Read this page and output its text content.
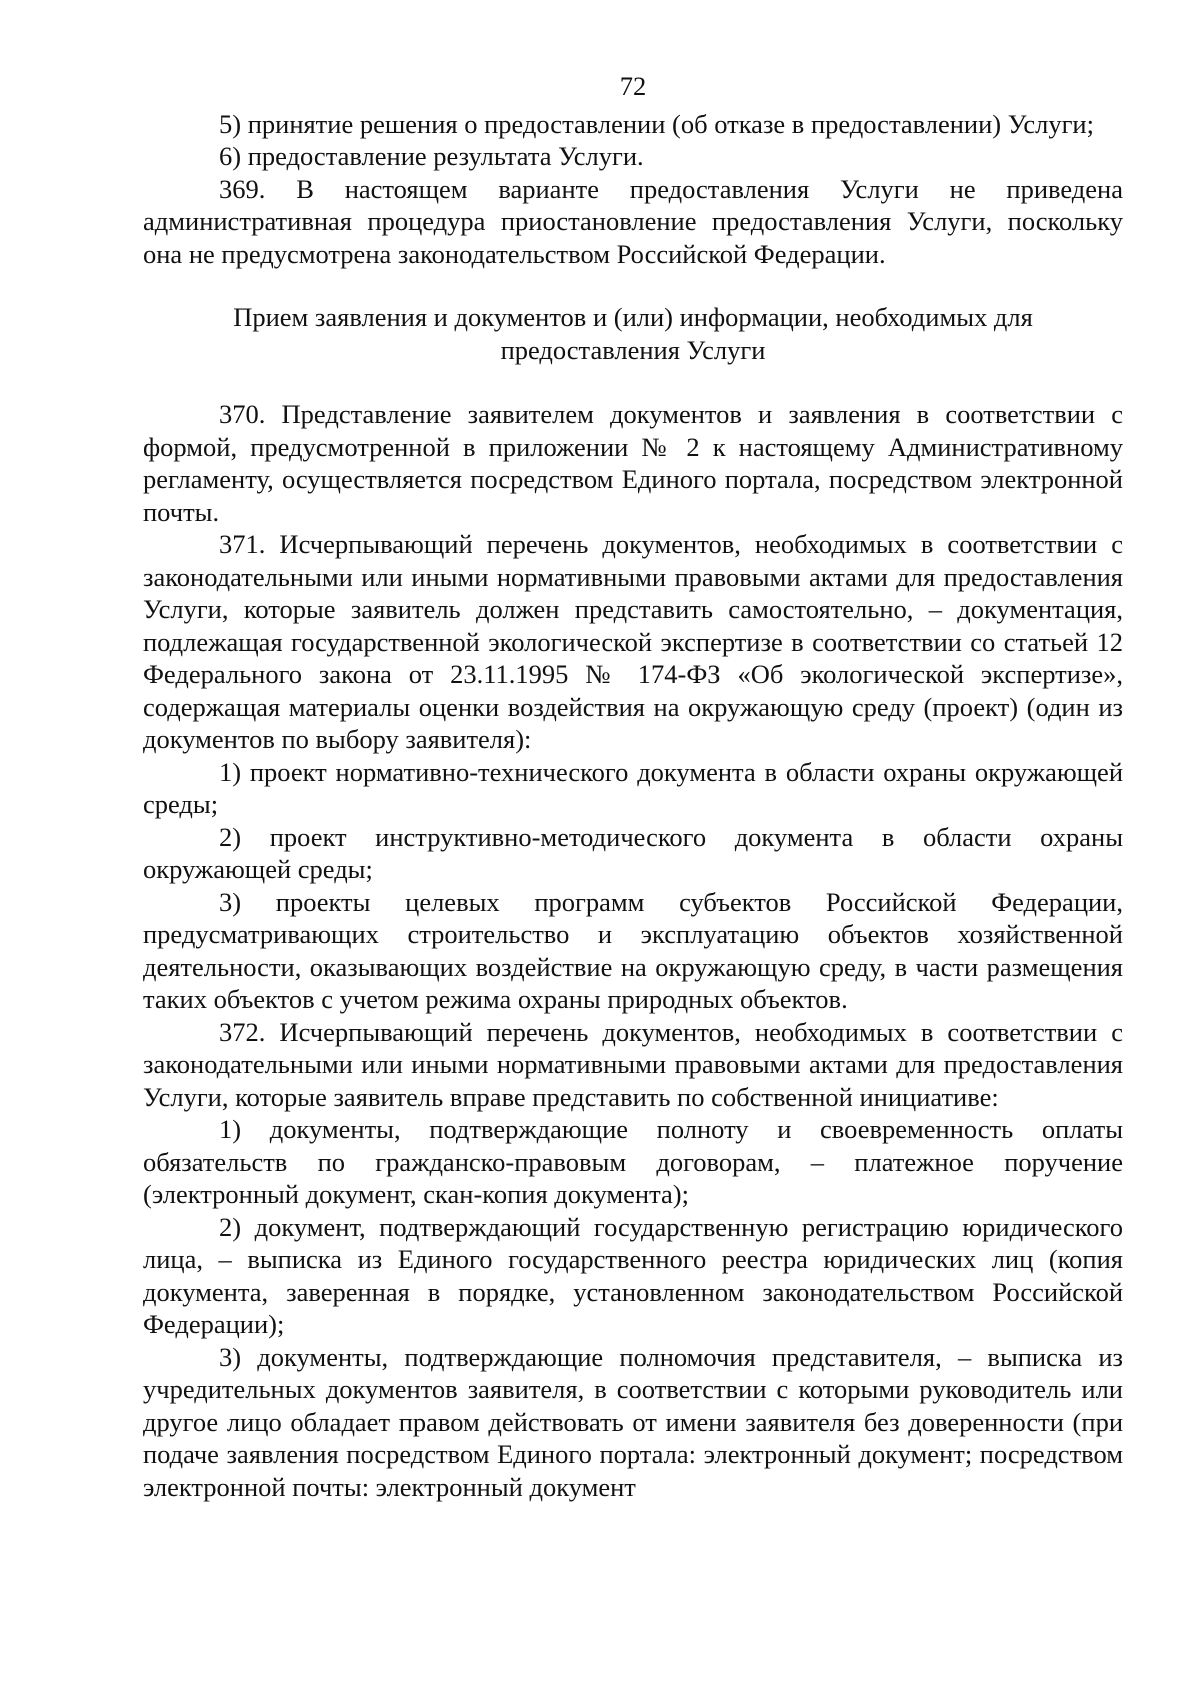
72

5) принятие решения о предоставлении (об отказе в предоставлении) Услуги;

6) предоставление результата Услуги.

369. В настоящем варианте предоставления Услуги не приведена административная процедура приостановление предоставления Услуги, поскольку она не предусмотрена законодательством Российской Федерации.

Прием заявления и документов и (или) информации, необходимых для
предоставления Услуги

370. Представление заявителем документов и заявления в соответствии с формой, предусмотренной в приложении № 2 к настоящему Административному регламенту, осуществляется посредством Единого портала, посредством электронной почты.

371. Исчерпывающий перечень документов, необходимых в соответствии с законодательными или иными нормативными правовыми актами для предоставления Услуги, которые заявитель должен представить самостоятельно, – документация, подлежащая государственной экологической экспертизе в соответствии со статьей 12 Федерального закона от 23.11.1995 № 174-ФЗ «Об экологической экспертизе», содержащая материалы оценки воздействия на окружающую среду (проект) (один из документов по выбору заявителя):

1) проект нормативно-технического документа в области охраны окружающей среды;

2) проект инструктивно-методического документа в области охраны окружающей среды;

3) проекты целевых программ субъектов Российской Федерации, предусматривающих строительство и эксплуатацию объектов хозяйственной деятельности, оказывающих воздействие на окружающую среду, в части размещения таких объектов с учетом режима охраны природных объектов.

372. Исчерпывающий перечень документов, необходимых в соответствии с законодательными или иными нормативными правовыми актами для предоставления Услуги, которые заявитель вправе представить по собственной инициативе:

1) документы, подтверждающие полноту и своевременность оплаты обязательств по гражданско-правовым договорам, – платежное поручение (электронный документ, скан-копия документа);

2) документ, подтверждающий государственную регистрацию юридического лица, – выписка из Единого государственного реестра юридических лиц (копия документа, заверенная в порядке, установленном законодательством Российской Федерации);

3) документы, подтверждающие полномочия представителя, – выписка из учредительных документов заявителя, в соответствии с которыми руководитель или другое лицо обладает правом действовать от имени заявителя без доверенности (при подаче заявления посредством Единого портала: электронный документ; посредством электронной почты: электронный документ
